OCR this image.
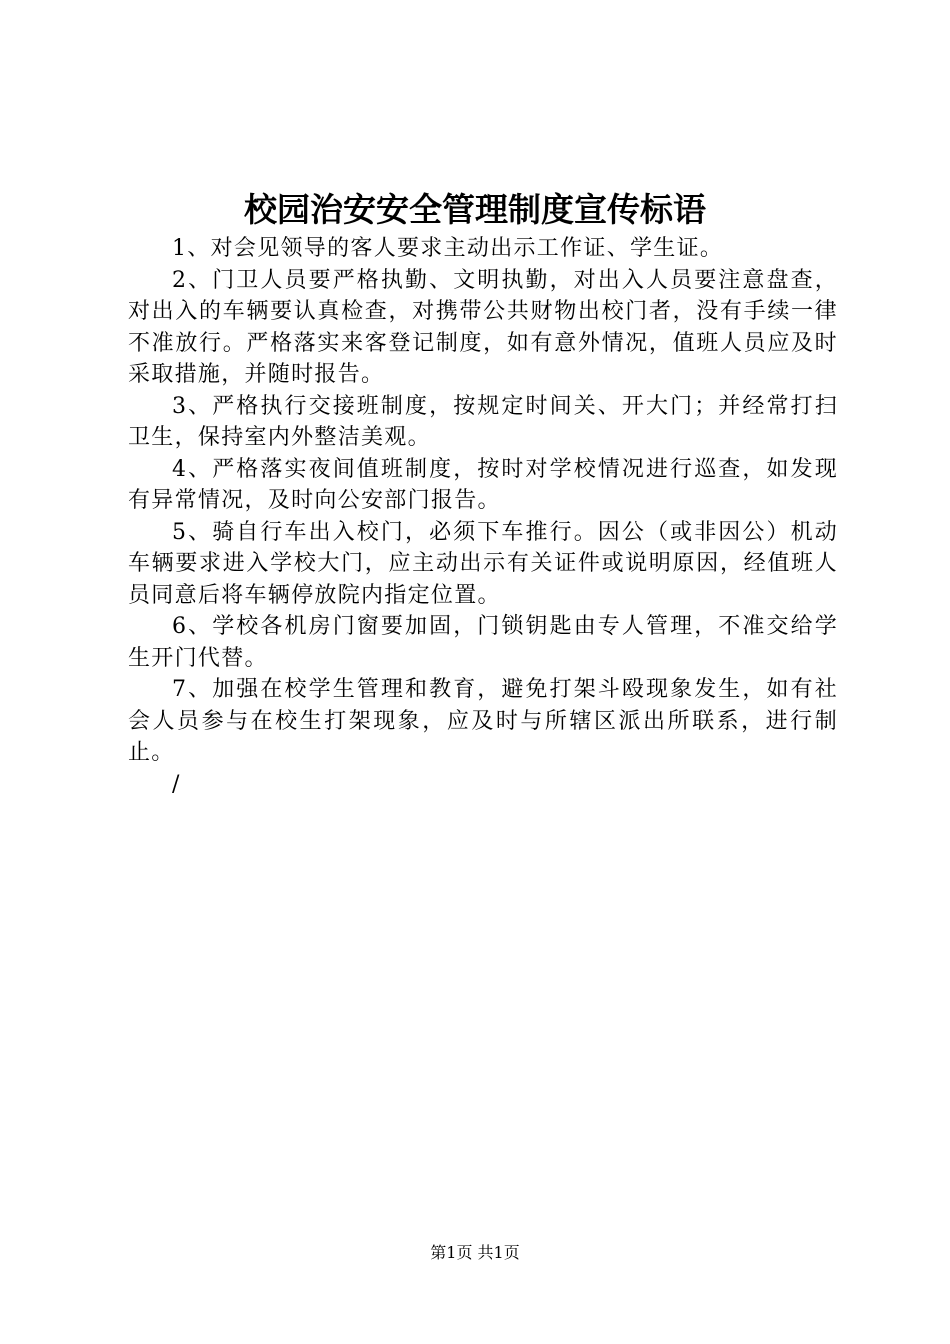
校园治安安全管理制度宣传标语

1、对会见领导的客人要求主动出示工作证、学生证。

2、门卫人员要严格执勤、文明执勤，对出入人员要注意盘查，对出入的车辆要认真检查，对携带公共财物出校门者，没有手续一律不准放行。严格落实来客登记制度，如有意外情况，值班人员应及时采取措施，并随时报告。

3、严格执行交接班制度，按规定时间关、开大门；并经常打扫卫生，保持室内外整洁美观。

4、严格落实夜间值班制度，按时对学校情况进行巡查，如发现有异常情况，及时向公安部门报告。

5、骑自行车出入校门，必须下车推行。因公（或非因公）机动车辆要求进入学校大门，应主动出示有关证件或说明原因，经值班人员同意后将车辆停放院内指定位置。

6、学校各机房门窗要加固，门锁钥匙由专人管理，不准交给学生开门代替。

7、加强在校学生管理和教育，避免打架斗殴现象发生，如有社会人员参与在校生打架现象，应及时与所辖区派出所联系，进行制止。

/

第1页 共1页
